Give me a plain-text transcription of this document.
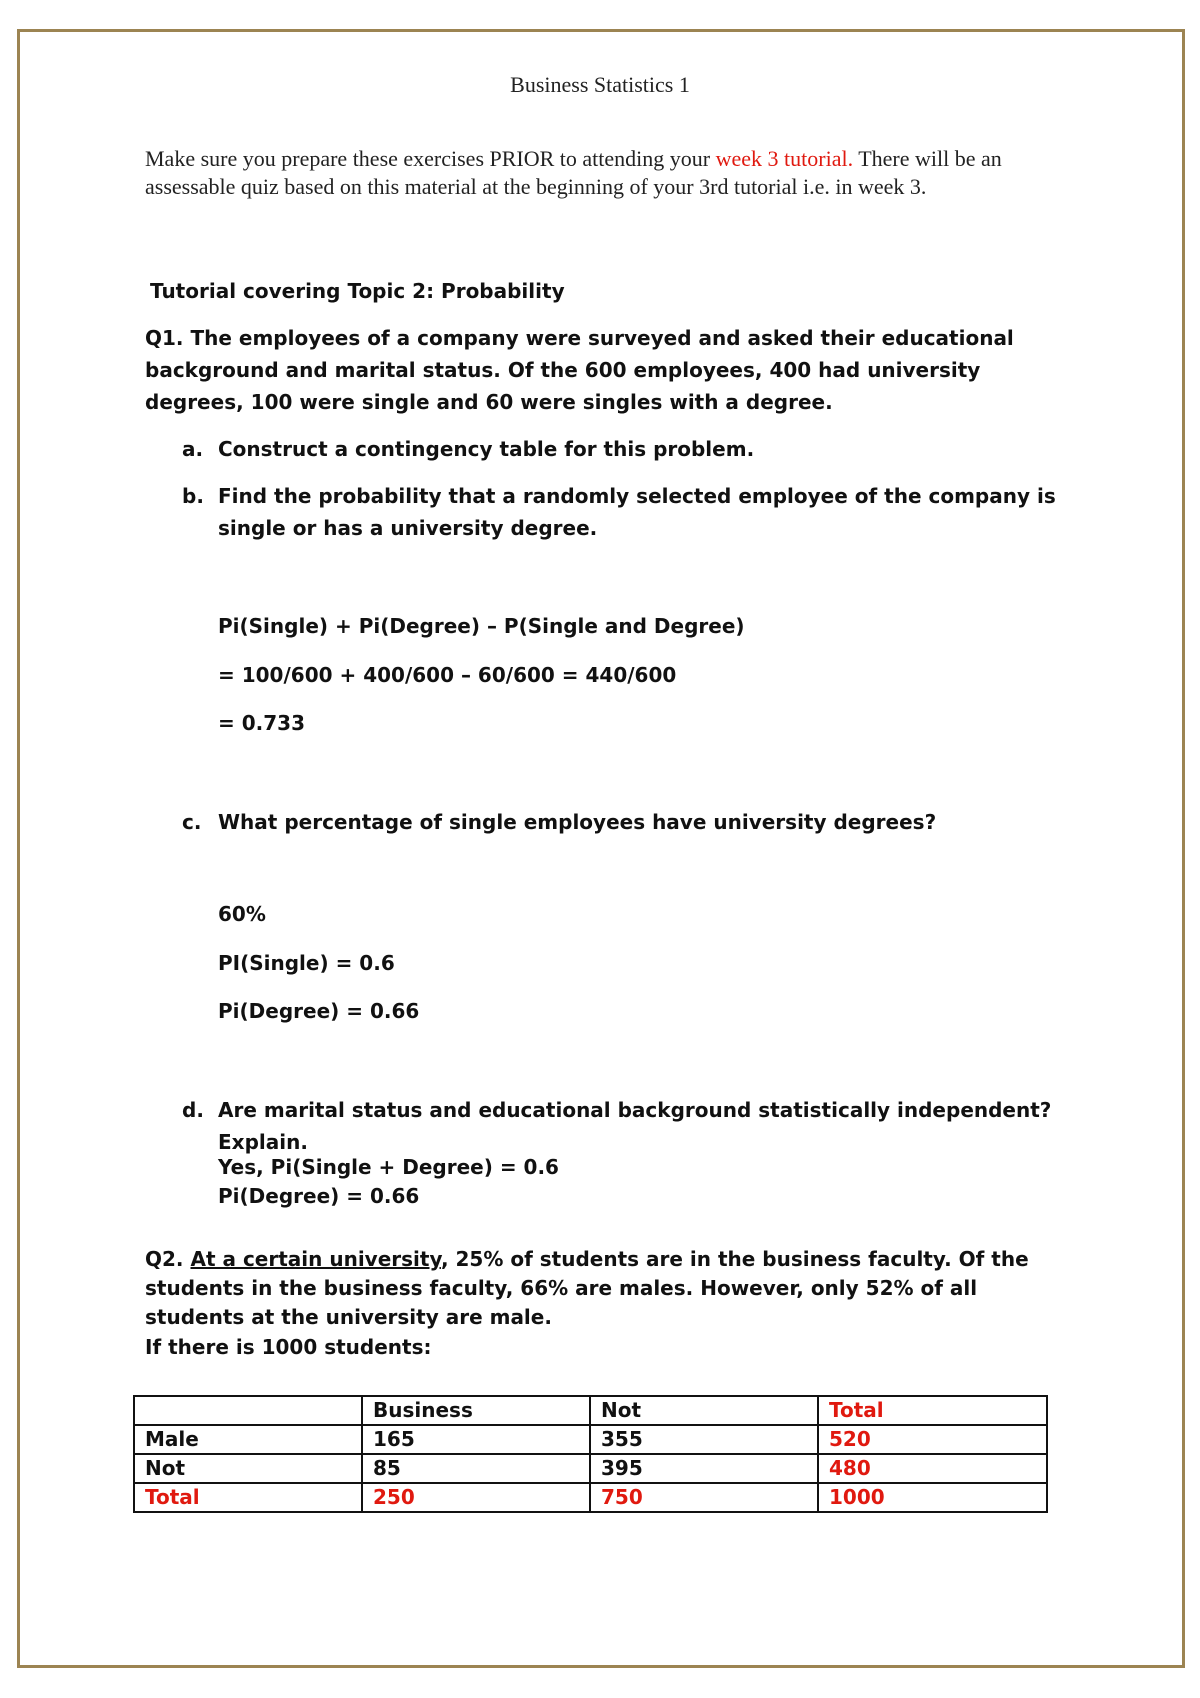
Business Statistics 1

Make sure you prepare these exercises PRIOR to attending your week 3 tutorial. There will be an assessable quiz based on this material at the beginning of your 3rd tutorial i.e. in week 3.

Tutorial covering Topic 2: Probability

Q1. The employees of a company were surveyed and asked their educational background and marital status. Of the 600 employees, 400 had university degrees, 100 were single and 60 were singles with a degree.

a. Construct a contingency table for this problem.
b. Find the probability that a randomly selected employee of the company is single or has a university degree.

Pi(Single) + Pi(Degree) – P(Single and Degree)

= 100/600 + 400/600 – 60/600 = 440/600

= 0.733

c. What percentage of single employees have university degrees?

60%

PI(Single) = 0.6

Pi(Degree) = 0.66

d. Are marital status and educational background statistically independent? Explain.

Yes, Pi(Single + Degree) = 0.6

Pi(Degree) = 0.66

Q2. At a certain university, 25% of students are in the business faculty. Of the students in the business faculty, 66% are males. However, only 52% of all students at the university are male.

If there is 1000 students:

	Business	Not	Total
Male	165	355	520
Not	85	395	480
Total	250	750	1000
